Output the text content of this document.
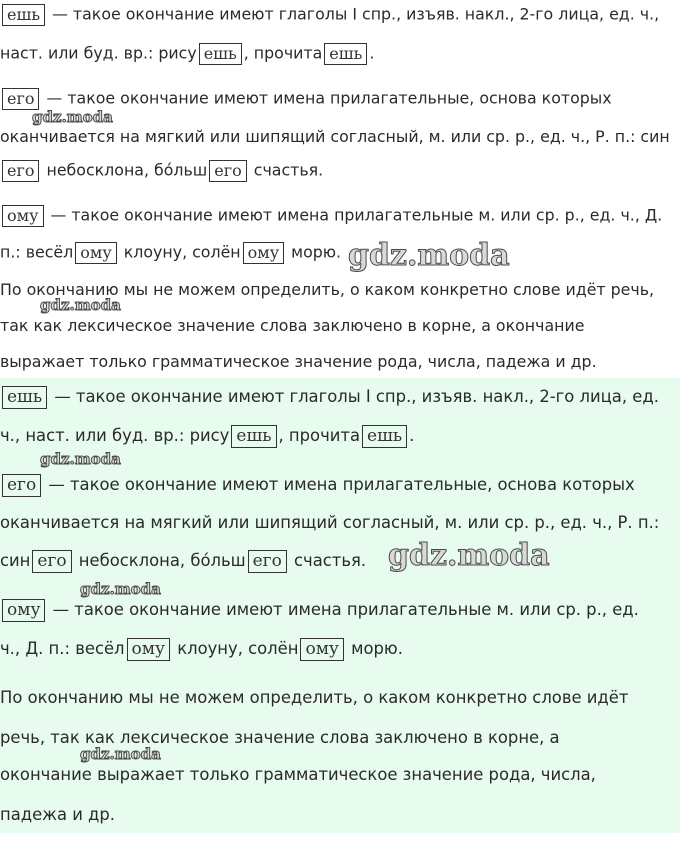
ешь — такое окончание имеют глаголы I спр., изъяв. накл., 2-го лица, ед. ч.,
наст. или буд. вр.: рису ешь , прочита ешь .
его — такое окончание имеют имена прилагательные, основа которых
оканчивается на мягкий или шипящий согласный, м. или ср. р., ед. ч., Р. п.: син
его небосклона, бо́льш его счастья.
ому — такое окончание имеют имена прилагательные м. или ср. р., ед. ч., Д.
п.: весёл ому клоуну, солён ому морю.
По окончанию мы не можем определить, о каком конкретно слове идёт речь,
так как лексическое значение слова заключено в корне, а окончание
выражает только грамматическое значение рода, числа, падежа и др.
ешь — такое окончание имеют глаголы I спр., изъяв. накл., 2-го лица, ед.
ч., наст. или буд. вр.: рису ешь , прочита ешь .
его — такое окончание имеют имена прилагательные, основа которых
оканчивается на мягкий или шипящий согласный, м. или ср. р., ед. ч., Р. п.:
син его небосклона, бо́льш его счастья.
ому — такое окончание имеют имена прилагательные м. или ср. р., ед.
ч., Д. п.: весёл ому клоуну, солён ому морю.
По окончанию мы не можем определить, о каком конкретно слове идёт
речь, так как лексическое значение слова заключено в корне, а
окончание выражает только грамматическое значение рода, числа,
падежа и др.
gdz.moda
gdz.moda
gdz.moda
gdz.moda
gdz.moda
gdz.moda
gdz.moda
